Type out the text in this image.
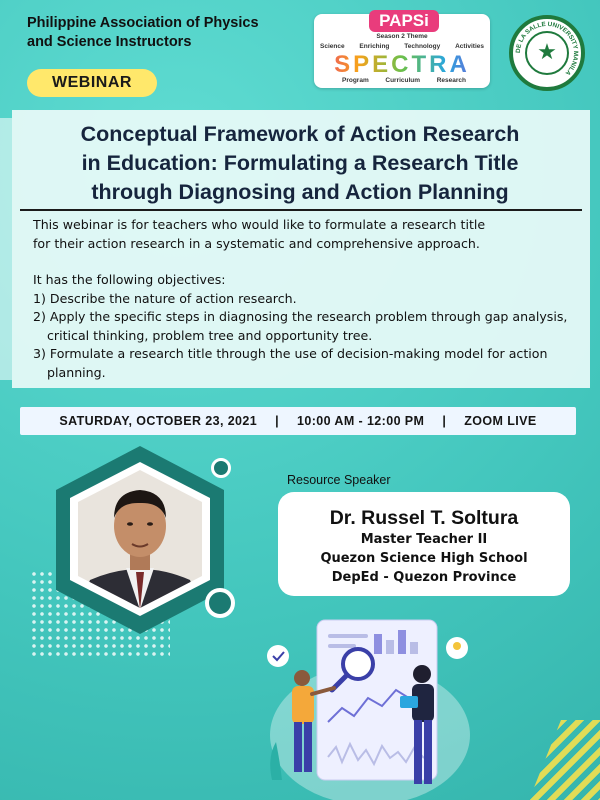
Philippine Association of Physics
and Science Instructors
WEBINAR
PAPSi
Season 2 Theme
Science Enriching Technology Activities
SPECTRA
Program	Curriculum	Research
DE LA SALLE UNIVERSITY MANILA
★
Conceptual Framework of Action Research
in Education: Formulating a Research Title
through Diagnosing and Action Planning

This webinar is for teachers who would like to formulate a research title

for their action research in a systematic and comprehensive approach.

It has the following objectives:

1) Describe the nature of action research.

2) Apply the specific steps in diagnosing the research problem through gap analysis, critical thinking, problem tree and opportunity tree.

3) Formulate a research title through the use of decision-making model for action planning.

SATURDAY, OCTOBER 23, 2021 | 10:00 AM - 12:00 PM | ZOOM LIVE
Resource Speaker
Dr. Russel T. Soltura
Master Teacher II
Quezon Science High School
DepEd - Quezon Province
